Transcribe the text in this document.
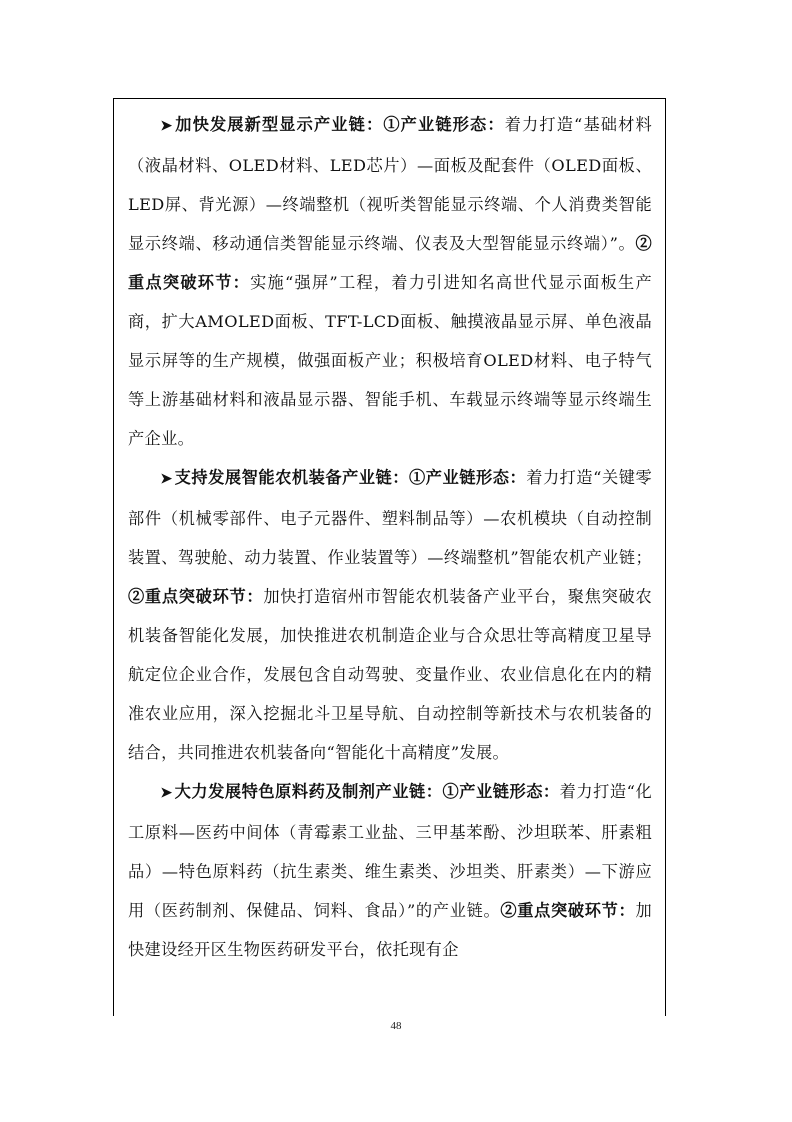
➤ 加快发展新型显示产业链：①产业链形态：着力打造“基础材料（液晶材料、OLED材料、LED芯片）—面板及配套件（OLED面板、LED屏、背光源）—终端整机（视听类智能显示终端、个人消费类智能显示终端、移动通信类智能显示终端、仪表及大型智能显示终端）”。②重点突破环节：实施“强屏”工程，着力引进知名高世代显示面板生产商，扩大AMOLED面板、TFT-LCD面板、触摸液晶显示屏、单色液晶显示屏等的生产规模，做强面板产业；积极培育OLED材料、电子特气等上游基础材料和液晶显示器、智能手机、车载显示终端等显示终端生产企业。

➤ 支持发展智能农机装备产业链：①产业链形态：着力打造“关键零部件（机械零部件、电子元器件、塑料制品等）—农机模块（自动控制装置、驾驶舱、动力装置、作业装置等）—终端整机”智能农机产业链；②重点突破环节：加快打造宿州市智能农机装备产业平台，聚焦突破农机装备智能化发展，加快推进农机制造企业与合众思壮等高精度卫星导航定位企业合作，发展包含自动驾驶、变量作业、农业信息化在内的精准农业应用，深入挖掘北斗卫星导航、自动控制等新技术与农机装备的结合，共同推进农机装备向“智能化十高精度”发展。

➤ 大力发展特色原料药及制剂产业链：①产业链形态：着力打造“化工原料—医药中间体（青霉素工业盐、三甲基苯酚、沙坦联苯、肝素粗品）—特色原料药（抗生素类、维生素类、沙坦类、肝素类）—下游应用（医药制剂、保健品、饲料、食品）”的产业链。②重点突破环节：加快建设经开区生物医药研发平台，依托现有企

48
